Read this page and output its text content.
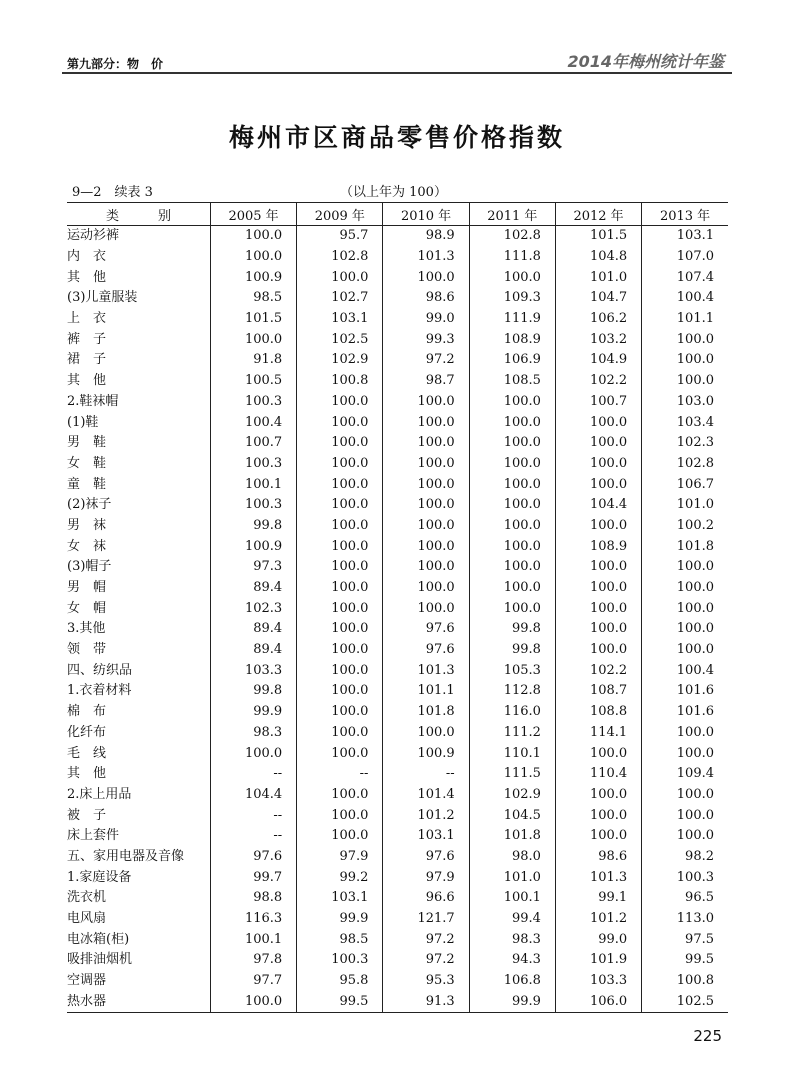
第九部分：物　价	2014年梅州统计年鉴
梅州市区商品零售价格指数
9—2　续表 3	（以上年为 100）
类　　　别	2005 年	2009 年	2010 年	2011 年	2012 年	2013 年
运动衫裤	100.0	95.7	98.9	102.8	101.5	103.1
内　衣	100.0	102.8	101.3	111.8	104.8	107.0
其　他	100.9	100.0	100.0	100.0	101.0	107.4
(3)儿童服装	98.5	102.7	98.6	109.3	104.7	100.4
上　衣	101.5	103.1	99.0	111.9	106.2	101.1
裤　子	100.0	102.5	99.3	108.9	103.2	100.0
裙　子	91.8	102.9	97.2	106.9	104.9	100.0
其　他	100.5	100.8	98.7	108.5	102.2	100.0
2.鞋袜帽	100.3	100.0	100.0	100.0	100.7	103.0
(1)鞋	100.4	100.0	100.0	100.0	100.0	103.4
男　鞋	100.7	100.0	100.0	100.0	100.0	102.3
女　鞋	100.3	100.0	100.0	100.0	100.0	102.8
童　鞋	100.1	100.0	100.0	100.0	100.0	106.7
(2)袜子	100.3	100.0	100.0	100.0	104.4	101.0
男　袜	99.8	100.0	100.0	100.0	100.0	100.2
女　袜	100.9	100.0	100.0	100.0	108.9	101.8
(3)帽子	97.3	100.0	100.0	100.0	100.0	100.0
男　帽	89.4	100.0	100.0	100.0	100.0	100.0
女　帽	102.3	100.0	100.0	100.0	100.0	100.0
3.其他	89.4	100.0	97.6	99.8	100.0	100.0
领　带	89.4	100.0	97.6	99.8	100.0	100.0
四、纺织品	103.3	100.0	101.3	105.3	102.2	100.4
1.衣着材料	99.8	100.0	101.1	112.8	108.7	101.6
棉　布	99.9	100.0	101.8	116.0	108.8	101.6
化纤布	98.3	100.0	100.0	111.2	114.1	100.0
毛　线	100.0	100.0	100.9	110.1	100.0	100.0
其　他	--	--	--	111.5	110.4	109.4
2.床上用品	104.4	100.0	101.4	102.9	100.0	100.0
被　子	--	100.0	101.2	104.5	100.0	100.0
床上套件	--	100.0	103.1	101.8	100.0	100.0
五、家用电器及音像	97.6	97.9	97.6	98.0	98.6	98.2
1.家庭设备	99.7	99.2	97.9	101.0	101.3	100.3
洗衣机	98.8	103.1	96.6	100.1	99.1	96.5
电风扇	116.3	99.9	121.7	99.4	101.2	113.0
电冰箱(柜)	100.1	98.5	97.2	98.3	99.0	97.5
吸排油烟机	97.8	100.3	97.2	94.3	101.9	99.5
空调器	97.7	95.8	95.3	106.8	103.3	100.8
热水器	100.0	99.5	91.3	99.9	106.0	102.5
225
